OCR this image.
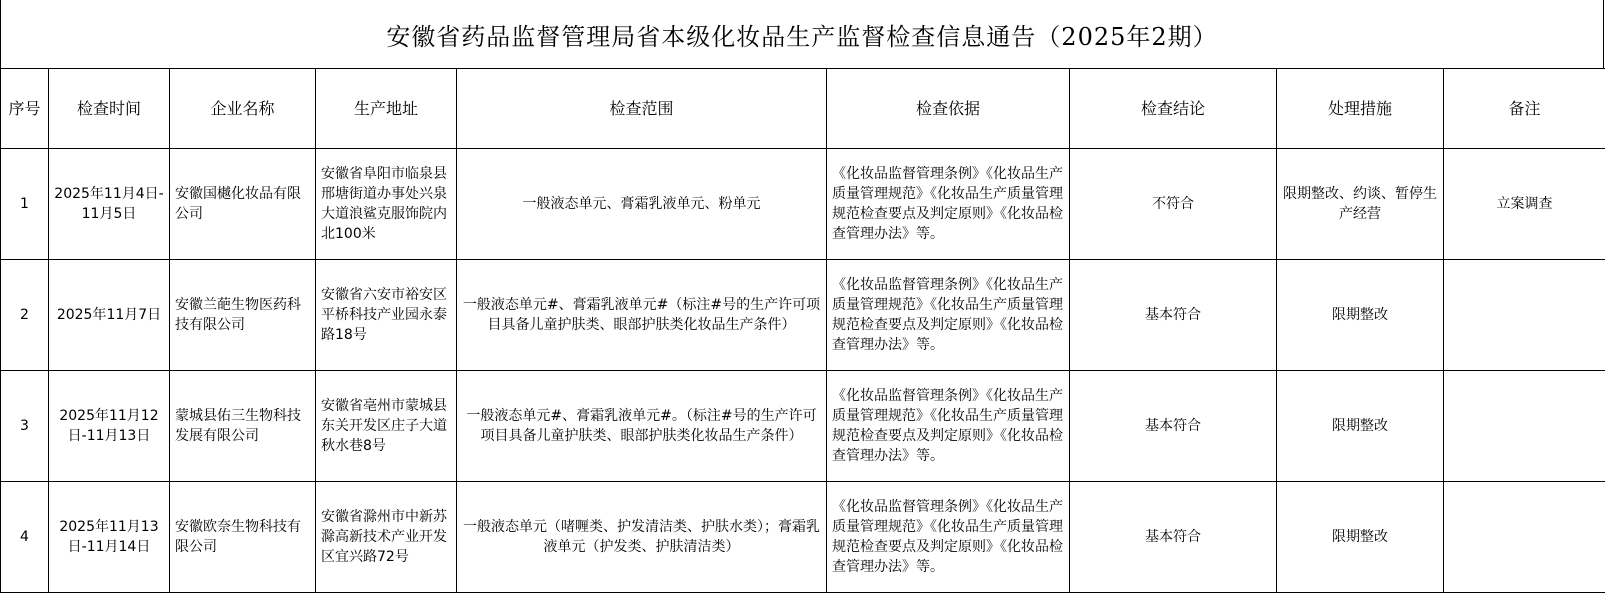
安徽省药品监督管理局省本级化妆品生产监督检查信息通告（2025年2期）
序号	检查时间	企业名称	生产地址	检查范围	检查依据	检查结论	处理措施	备注
1	2025年11月4日-11月5日	安徽国樾化妆品有限公司	安徽省阜阳市临泉县邢塘街道办事处兴泉大道浪鲨克服饰院内北100米	一般液态单元、膏霜乳液单元、粉单元	《化妆品监督管理条例》《化妆品生产质量管理规范》《化妆品生产质量管理规范检查要点及判定原则》《化妆品检查管理办法》等。	不符合	限期整改、约谈、暂停生产经营	立案调查
2	2025年11月7日	安徽兰葩生物医药科技有限公司	安徽省六安市裕安区平桥科技产业园永泰路18号	一般液态单元#、膏霜乳液单元#（标注#号的生产许可项目具备儿童护肤类、眼部护肤类化妆品生产条件）	《化妆品监督管理条例》《化妆品生产质量管理规范》《化妆品生产质量管理规范检查要点及判定原则》《化妆品检查管理办法》等。	基本符合	限期整改	
3	2025年11月12日-11月13日	蒙城县佑三生物科技发展有限公司	安徽省亳州市蒙城县东关开发区庄子大道秋水巷8号	一般液态单元#、膏霜乳液单元#。（标注#号的生产许可项目具备儿童护肤类、眼部护肤类化妆品生产条件）	《化妆品监督管理条例》《化妆品生产质量管理规范》《化妆品生产质量管理规范检查要点及判定原则》《化妆品检查管理办法》等。	基本符合	限期整改	
4	2025年11月13日-11月14日	安徽欧奈生物科技有限公司	安徽省滁州市中新苏滁高新技术产业开发区宜兴路72号	一般液态单元（啫喱类、护发清洁类、护肤水类）；膏霜乳液单元（护发类、护肤清洁类）	《化妆品监督管理条例》《化妆品生产质量管理规范》《化妆品生产质量管理规范检查要点及判定原则》《化妆品检查管理办法》等。	基本符合	限期整改	
